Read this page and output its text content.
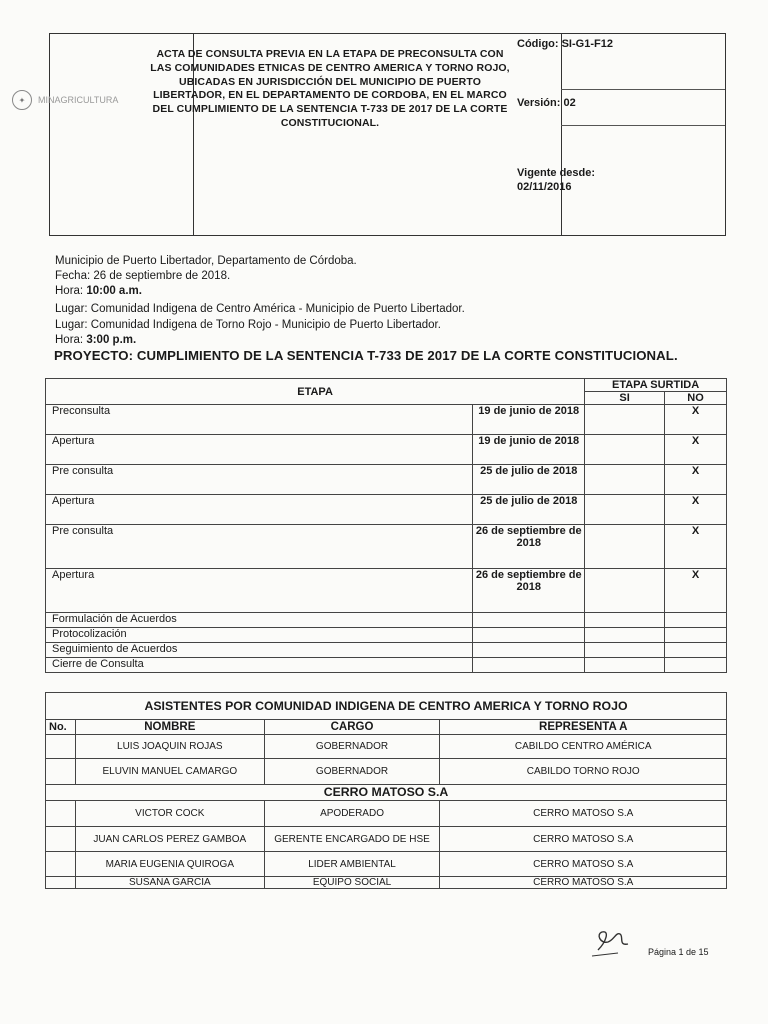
✦	MINAGRICULTURA
ACTA DE CONSULTA PREVIA EN LA ETAPA DE PRECONSULTA CON LAS COMUNIDADES ETNICAS DE CENTRO AMERICA Y TORNO ROJO, UBICADAS EN JURISDICCIÓN DEL MUNICIPIO DE PUERTO LIBERTADOR, EN EL DEPARTAMENTO DE CORDOBA, EN EL MARCO DEL CUMPLIMIENTO DE LA SENTENCIA T-733 DE 2017 DE LA CORTE CONSTITUCIONAL.
Código: SI-G1-F12
Versión: 02
Vigente desde:
02/11/2016
Municipio de Puerto Libertador, Departamento de Córdoba.
Fecha: 26 de septiembre de 2018.
Hora: 10:00 a.m.
Lugar: Comunidad Indigena de Centro América - Municipio de Puerto Libertador.
Lugar: Comunidad Indigena de Torno Rojo - Municipio de Puerto Libertador.
Hora: 3:00 p.m.
PROYECTO: CUMPLIMIENTO DE LA SENTENCIA T-733 DE 2017 DE LA CORTE CONSTITUCIONAL.
ETAPA		ETAPA SURTIDA	
		SI	NO
Preconsulta	19 de junio de 2018		X
Apertura	19 de junio de 2018		X
Pre consulta	25 de julio de 2018		X
Apertura	25 de julio de 2018		X
Pre consulta	26 de septiembre de 2018		X
Apertura	26 de septiembre de 2018		X
Formulación de Acuerdos			
Protocolización			
Seguimiento de Acuerdos			
Cierre de Consulta			
ASISTENTES POR COMUNIDAD INDIGENA DE CENTRO AMERICA Y TORNO ROJO			
No.	NOMBRE	CARGO	REPRESENTA A
	LUIS JOAQUIN ROJAS	GOBERNADOR	CABILDO CENTRO AMÉRICA
	ELUVIN MANUEL CAMARGO	GOBERNADOR	CABILDO TORNO ROJO
CERRO MATOSO S.A			
	VICTOR COCK	APODERADO	CERRO MATOSO S.A
	JUAN CARLOS PEREZ GAMBOA	GERENTE ENCARGADO DE HSE	CERRO MATOSO S.A
	MARIA EUGENIA QUIROGA	LIDER AMBIENTAL	CERRO MATOSO S.A
	SUSANA GARCIA	EQUIPO SOCIAL	CERRO MATOSO S.A
Página 1 de 15
